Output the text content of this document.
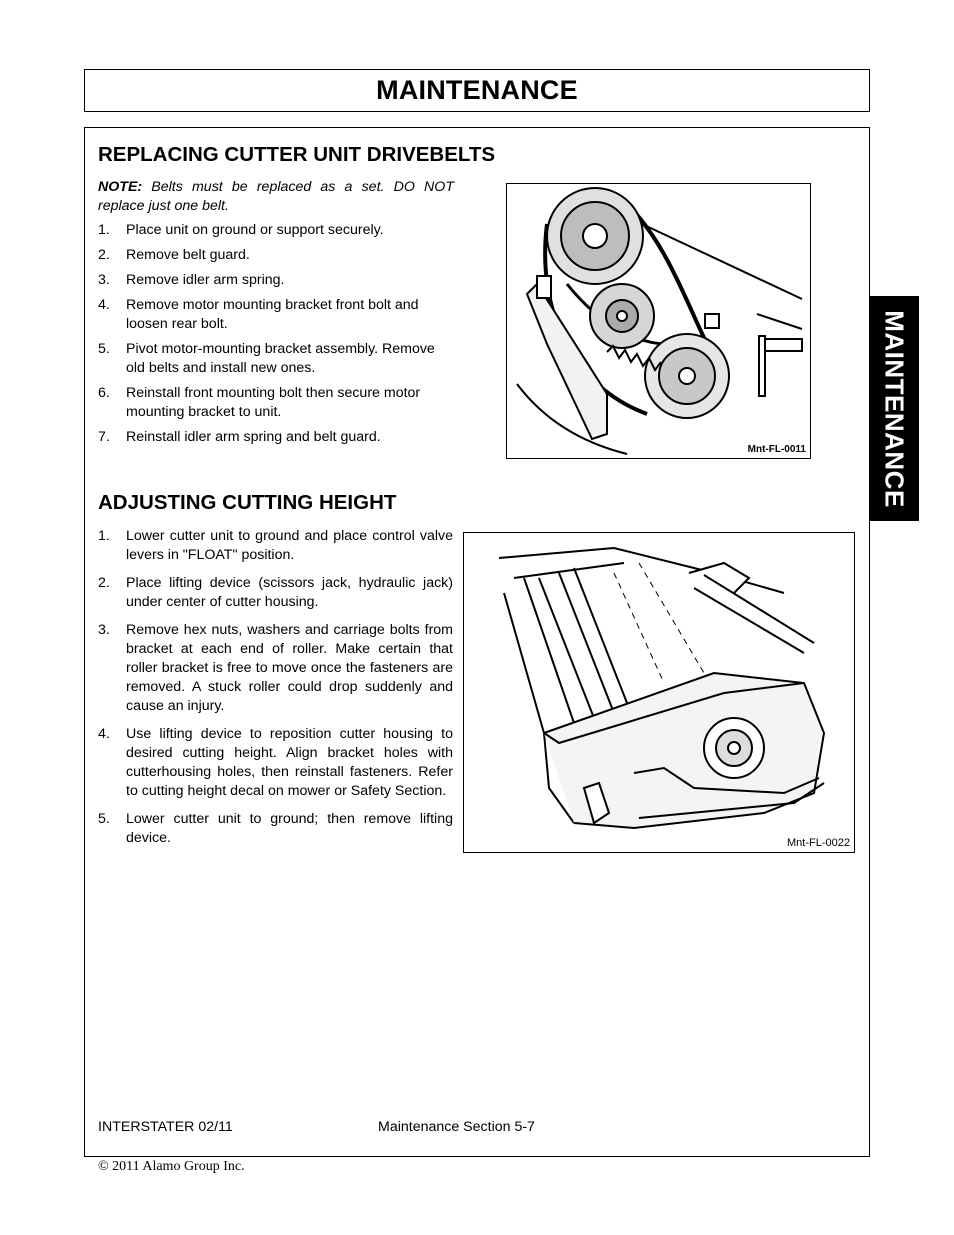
MAINTENANCE
MAINTENANCE
REPLACING CUTTER UNIT DRIVEBELTS
NOTE: Belts must be replaced as a set. DO NOT replace just one belt.
1. Place unit on ground or support securely.
2. Remove belt guard.
3. Remove idler arm spring.
4. Remove motor mounting bracket front bolt and loosen rear bolt.
5. Pivot motor-mounting bracket assembly. Remove old belts and install new ones.
6. Reinstall front mounting bolt then secure motor mounting bracket to unit.
7. Reinstall idler arm spring and belt guard.
Mnt-FL-0011
ADJUSTING CUTTING HEIGHT
1. Lower cutter unit to ground and place control valve levers in "FLOAT" position.
2. Place lifting device (scissors jack, hydraulic jack) under center of cutter housing.
3. Remove hex nuts, washers and carriage bolts from bracket at each end of roller. Make certain that roller bracket is free to move once the fasteners are removed. A stuck roller could drop suddenly and cause an injury.
4. Use lifting device to reposition cutter housing to desired cutting height. Align bracket holes with cutterhousing holes, then reinstall fasteners. Refer to cutting height decal on mower or Safety Section.
5. Lower cutter unit to ground; then remove lifting device.	Mnt-FL-0022
INTERSTATER 02/11	Maintenance Section 5-7
© 2011 Alamo Group Inc.
